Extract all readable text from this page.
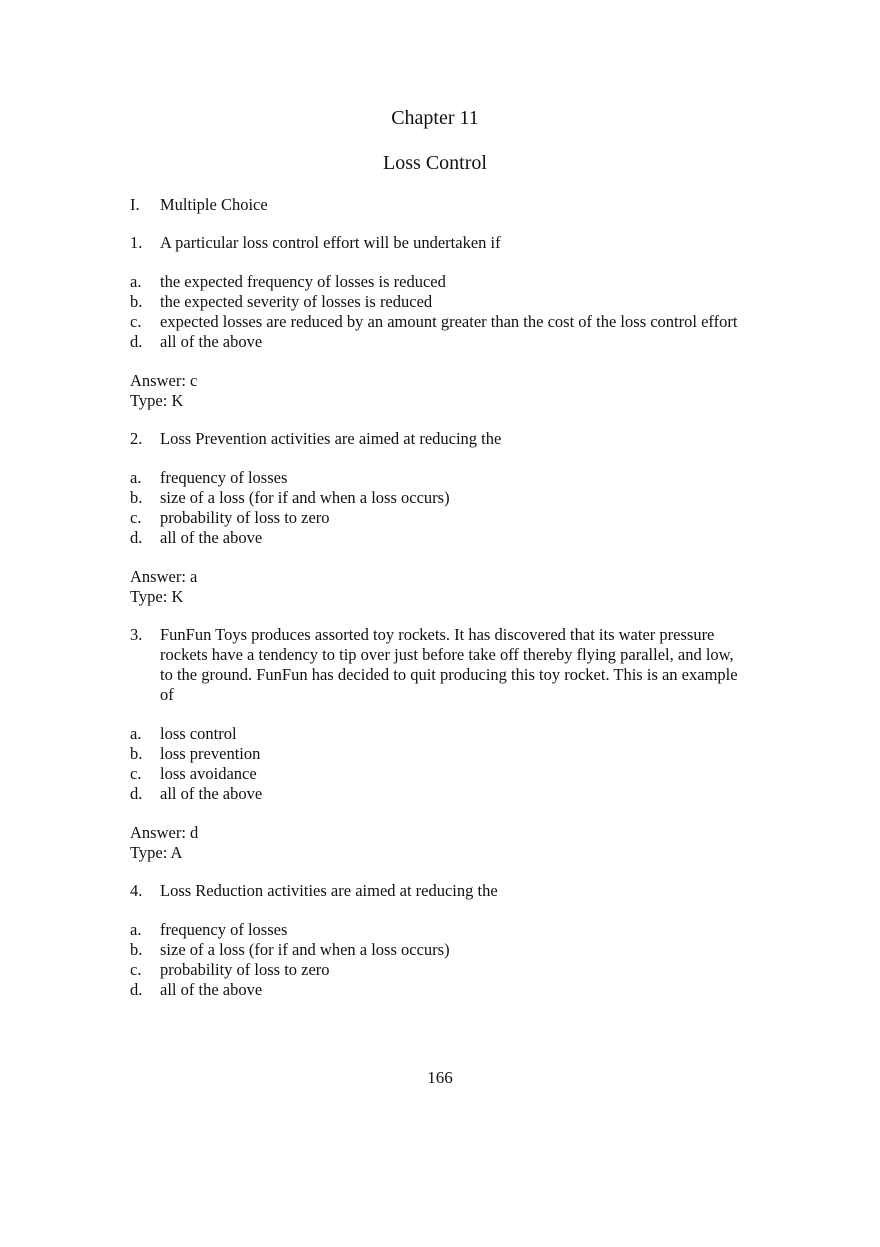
Chapter 11
Loss Control
I.	Multiple Choice
1.	A particular loss control effort will be undertaken if
a.	the expected frequency of losses is reduced
b.	the expected severity of losses is reduced
c.	expected losses are reduced by an amount greater than the cost of the loss control effort
d.	all of the above
Answer: c
Type: K
2.	Loss Prevention activities are aimed at reducing the
a.	frequency of losses
b.	size of a loss (for if and when a loss occurs)
c.	probability of loss to zero
d.	all of the above
Answer: a
Type: K
3.	FunFun Toys produces assorted toy rockets. It has discovered that its water pressure rockets have a tendency to tip over just before take off thereby flying parallel, and low, to the ground. FunFun has decided to quit producing this toy rocket. This is an example of
a.	loss control
b.	loss prevention
c.	loss avoidance
d.	all of the above
Answer: d
Type: A
4.	Loss Reduction activities are aimed at reducing the
a.	frequency of losses
b.	size of a loss (for if and when a loss occurs)
c.	probability of loss to zero
d.	all of the above
166
